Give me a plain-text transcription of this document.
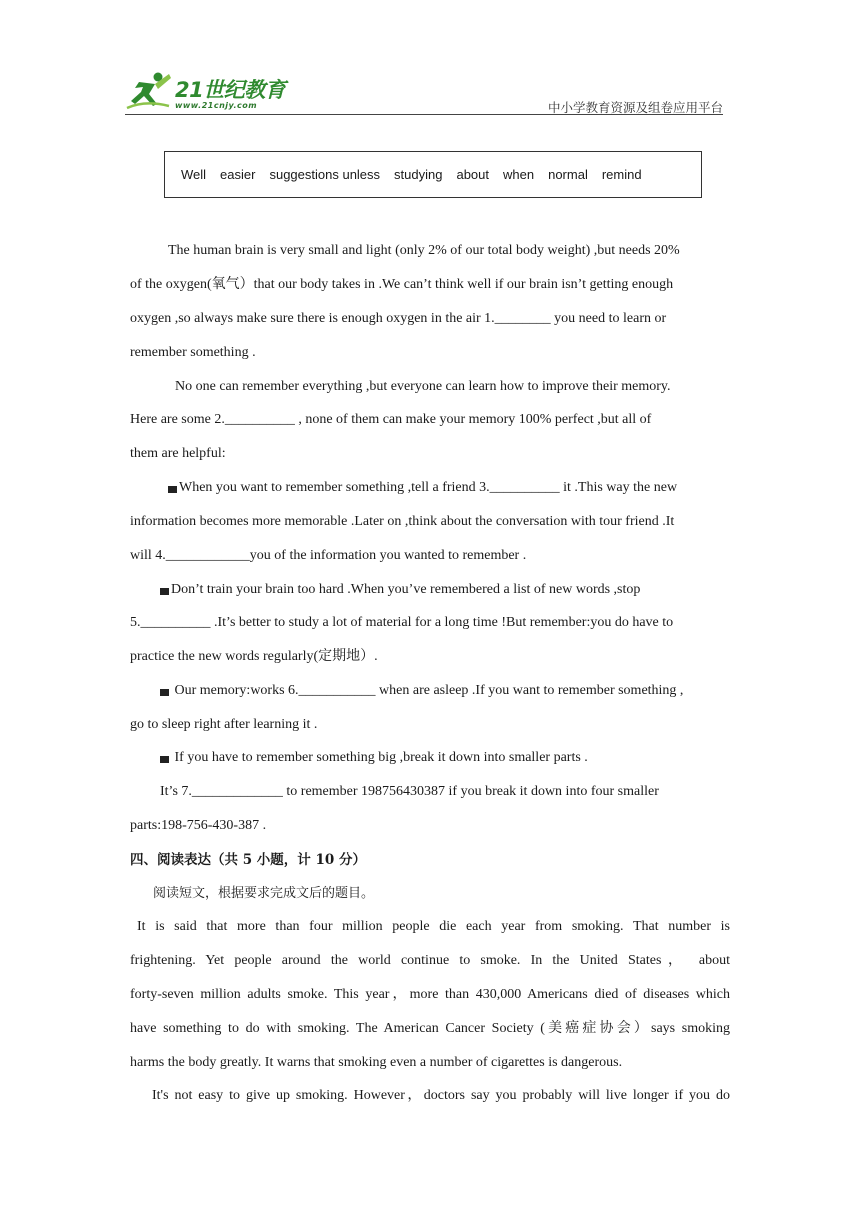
21世纪教育
www.21cnjy.com	中小学教育资源及组卷应用平台
Well easier suggestions unless studying about when normal remind
The human brain is very small and light (only 2% of our total body weight) ,but needs 20%
of the oxygen(氧气）that our body takes in .We can’t think well if our brain isn’t getting enough
oxygen ,so always make sure there is enough oxygen in the air 1.________ you need to learn or
remember something .
No one can remember everything ,but everyone can learn how to improve their memory.
Here are some 2.__________ , none of them can make your memory 100% perfect ,but all of
them are helpful:
When you want to remember something ,tell a friend 3.__________ it .This way the new
information becomes more memorable .Later on ,think about the conversation with tour friend .It
will 4.____________you of the information you wanted to remember .
Don’t train your brain too hard .When you’ve remembered a list of new words ,stop
5.__________ .It’s better to study a lot of material for a long time !But remember:you do have to
practice the new words regularly(定期地）.
Our memory:works 6.___________ when are asleep .If you want to remember something ,
go to sleep right after learning it .
If you have to remember something big ,break it down into smaller parts .
It’s 7._____________ to remember 198756430387 if you break it down into four smaller
parts:198-756-430-387 .
四、阅读表达（共 5 小题，计 10 分）
阅读短文，根据要求完成文后的题目。
It is said that more than four million people die each year from smoking. That number is
frightening. Yet people around the world continue to smoke. In the United States， about
forty-seven million adults smoke. This year，more than 430,000 Americans died of diseases which
have something to do with smoking. The American Cancer Society (美癌症协会）says smoking
harms the body greatly. It warns that smoking even a number of cigarettes is dangerous.
It's not easy to give up smoking. However，doctors say you probably will live longer if you do
